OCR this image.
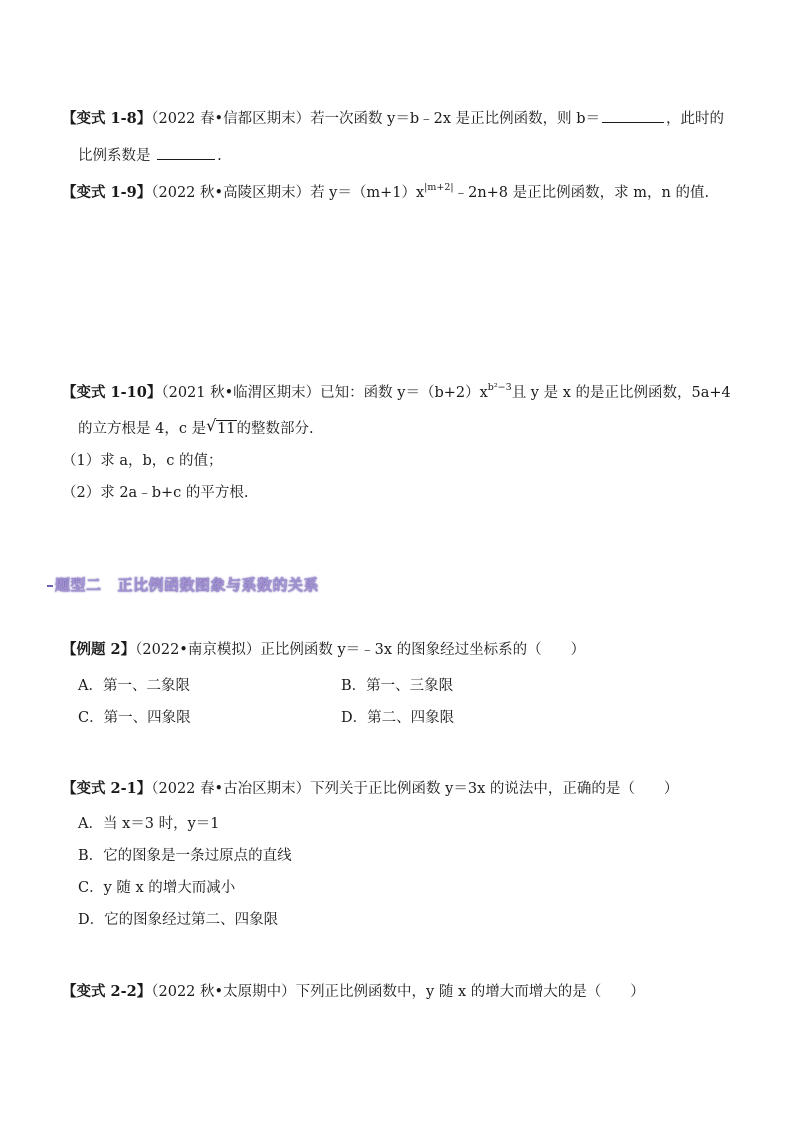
【变式 1-8】（2022 春•信都区期末）若一次函数 y＝b﹣2x 是正比例函数，则 b＝	，此时的
比例系数是	.
【变式 1-9】（2022 秋•高陵区期末）若 $y=(m+1)x^{|m+2|}﹣2n+8$ 是正比例函数，求 m，n 的值.
【变式 1-10】（2021 秋•临渭区期末）已知：函数 $y=(b+2)x^{b^2-3}$且 y 是 x 的是正比例函数，5a+4
的立方根是 4，c 是 √ 11的整数部分.
（1）求 a，b，c 的值；
（2）求 2a﹣b+c 的平方根.
题型二 正比例函数图象与系数的关系
【例题 2】（2022•南京模拟）正比例函数 y＝﹣3x 的图象经过坐标系的（　　）
A．第一、二象限	B．第一、三象限
C．第一、四象限	D．第二、四象限
【变式 2-1】（2022 春•古冶区期末）下列关于正比例函数 y＝3x 的说法中，正确的是（　　）
A．当 x＝3 时，y＝1
B．它的图象是一条过原点的直线
C．y 随 x 的增大而减小
D．它的图象经过第二、四象限
【变式 2-2】（2022 秋•太原期中）下列正比例函数中，y 随 x 的增大而增大的是（　　）
